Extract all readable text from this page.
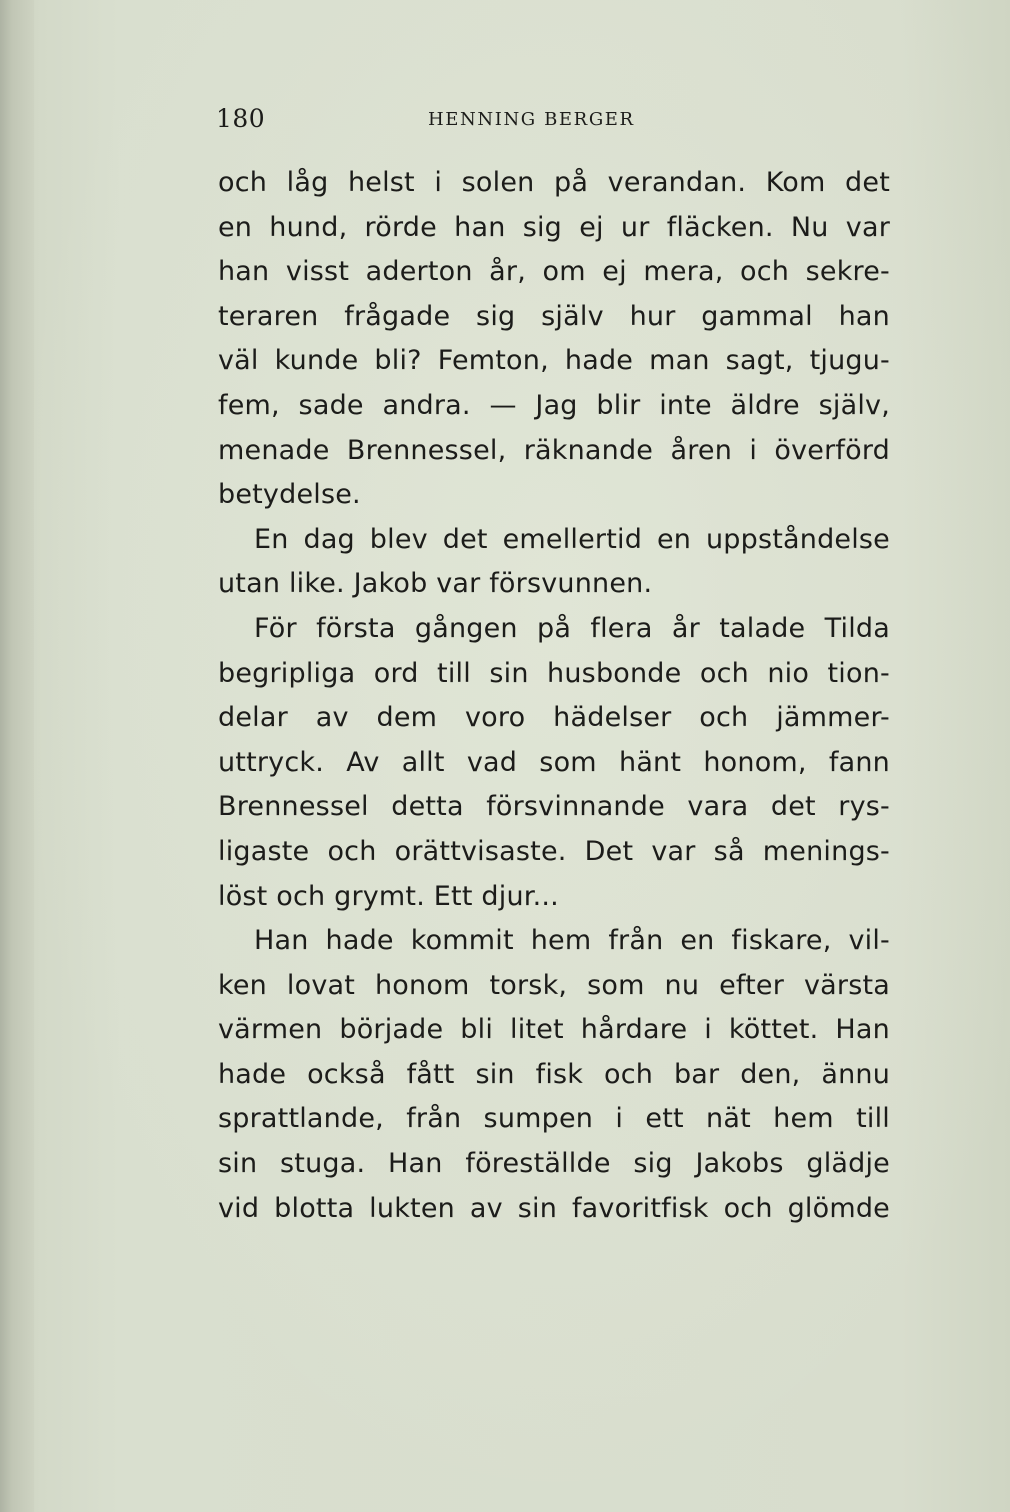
180	HENNING BERGER
och låg helst i solen på verandan. Kom det
en hund, rörde han sig ej ur fläcken. Nu var
han visst aderton år, om ej mera, och sekre-
teraren frågade sig själv hur gammal han
väl kunde bli? Femton, hade man sagt, tjugu-
fem, sade andra. — Jag blir inte äldre själv,
menade Brennessel, räknande åren i överförd
betydelse.
En dag blev det emellertid en uppståndelse
utan like. Jakob var försvunnen.
För första gången på flera år talade Tilda
begripliga ord till sin husbonde och nio tion-
delar av dem voro hädelser och jämmer-
uttryck. Av allt vad som hänt honom, fann
Brennessel detta försvinnande vara det rys-
ligaste och orättvisaste. Det var så menings-
löst och grymt. Ett djur...
Han hade kommit hem från en fiskare, vil-
ken lovat honom torsk, som nu efter värsta
värmen började bli litet hårdare i köttet. Han
hade också fått sin fisk och bar den, ännu
sprattlande, från sumpen i ett nät hem till
sin stuga. Han föreställde sig Jakobs glädje
vid blotta lukten av sin favoritfisk och glömde
